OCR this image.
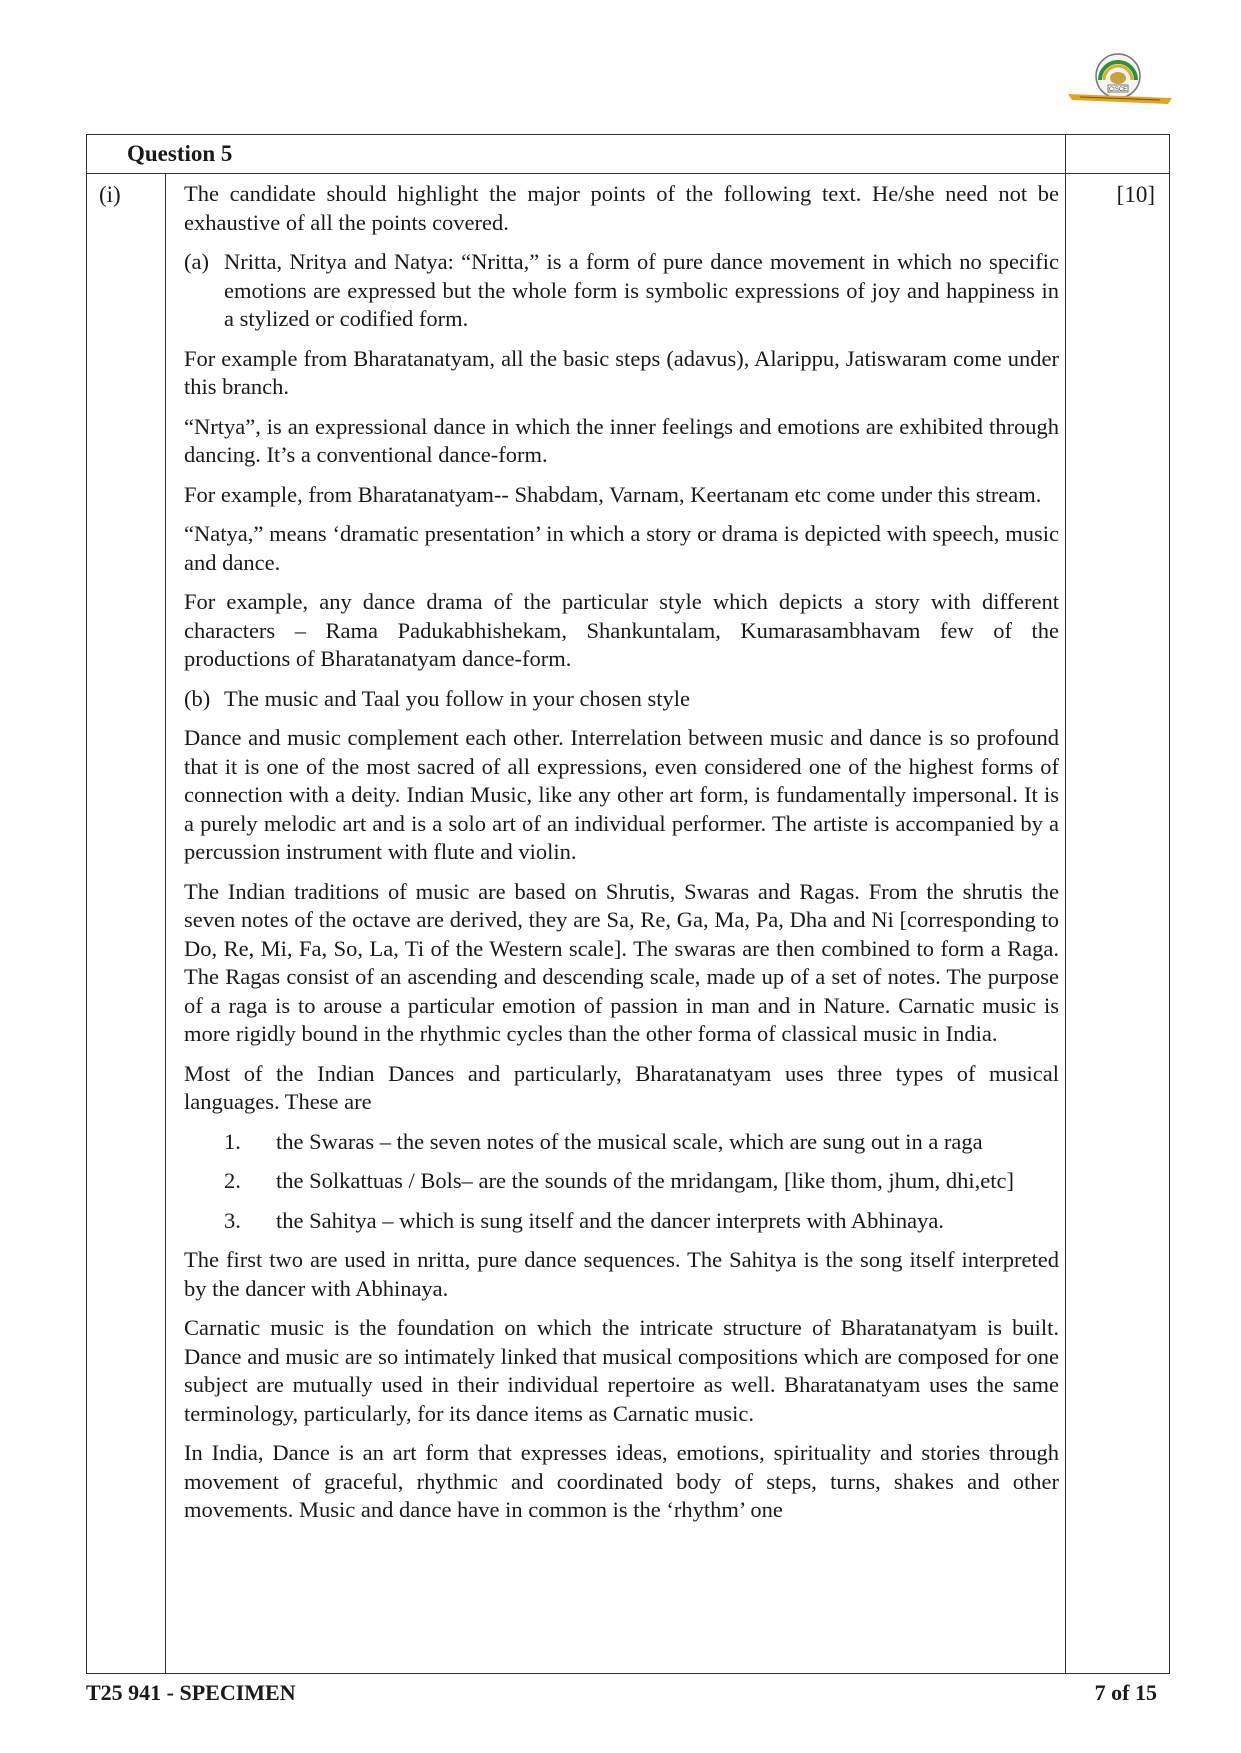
CISCE
Question 5
(i)	[10]

The candidate should highlight the major points of the following text. He/she need not be exhaustive of all the points covered.

(a) Nritta, Nritya and Natya: “Nritta,” is a form of pure dance movement in which no specific emotions are expressed but the whole form is symbolic expressions of joy and happiness in a stylized or codified form.

For example from Bharatanatyam, all the basic steps (adavus), Alarippu, Jatiswaram come under this branch.

“Nrtya”, is an expressional dance in which the inner feelings and emotions are exhibited through dancing. It’s a conventional dance-form.

For example, from Bharatanatyam-- Shabdam, Varnam, Keertanam etc come under this stream.

“Natya,” means ‘dramatic presentation’ in which a story or drama is depicted with speech, music and dance.

For example, any dance drama of the particular style which depicts a story with different characters – Rama Padukabhishekam, Shankuntalam, Kumarasambhavam few of the productions of Bharatanatyam dance-form.

(b) The music and Taal you follow in your chosen style

Dance and music complement each other. Interrelation between music and dance is so profound that it is one of the most sacred of all expressions, even considered one of the highest forms of connection with a deity. Indian Music, like any other art form, is fundamentally impersonal. It is a purely melodic art and is a solo art of an individual performer. The artiste is accompanied by a percussion instrument with flute and violin.

The Indian traditions of music are based on Shrutis, Swaras and Ragas. From the shrutis the seven notes of the octave are derived, they are Sa, Re, Ga, Ma, Pa, Dha and Ni [corresponding to Do, Re, Mi, Fa, So, La, Ti of the Western scale]. The swaras are then combined to form a Raga. The Ragas consist of an ascending and descending scale, made up of a set of notes. The purpose of a raga is to arouse a particular emotion of passion in man and in Nature. Carnatic music is more rigidly bound in the rhythmic cycles than the other forma of classical music in India.

Most of the Indian Dances and particularly, Bharatanatyam uses three types of musical languages. These are

1.	the Swaras – the seven notes of the musical scale, which are sung out in a raga
2.	the Solkattuas / Bols– are the sounds of the mridangam, [like thom, jhum, dhi,etc]
3.	the Sahitya – which is sung itself and the dancer interprets with Abhinaya.

The first two are used in nritta, pure dance sequences. The Sahitya is the song itself interpreted by the dancer with Abhinaya.

Carnatic music is the foundation on which the intricate structure of Bharatanatyam is built. Dance and music are so intimately linked that musical compositions which are composed for one subject are mutually used in their individual repertoire as well. Bharatanatyam uses the same terminology, particularly, for its dance items as Carnatic music.

In India, Dance is an art form that expresses ideas, emotions, spirituality and stories through movement of graceful, rhythmic and coordinated body of steps, turns, shakes and other movements. Music and dance have in common is the ‘rhythm’ one

T25 941 - SPECIMEN	7 of 15
